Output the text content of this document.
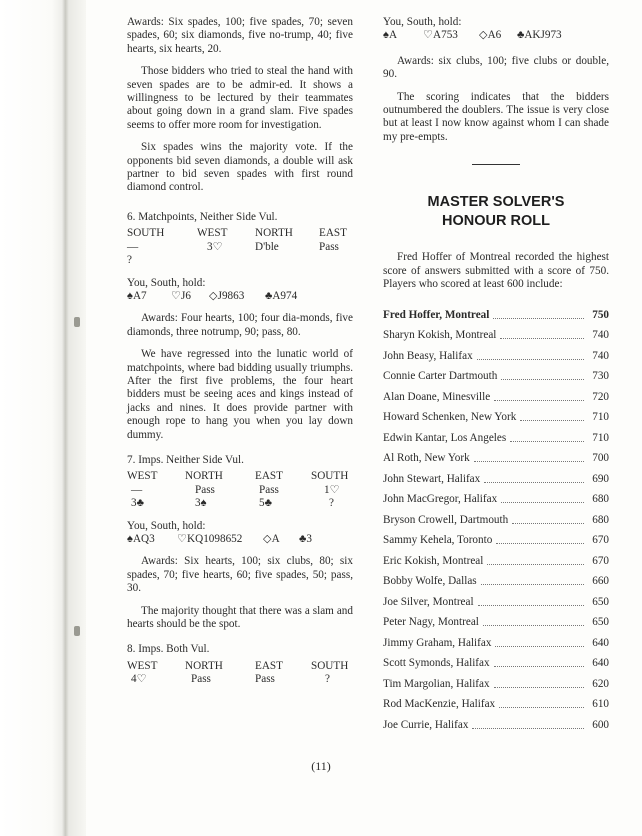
Awards: Six spades, 100; five spades, 70; seven spades, 60; six diamonds, five no-trump, 40; five hearts, six hearts, 20.

Those bidders who tried to steal the hand with seven spades are to be admir-ed. It shows a willingness to be lectured by their teammates about going down in a grand slam. Five spades seems to offer more room for investigation.

Six spades wins the majority vote. If the opponents bid seven diamonds, a double will ask partner to bid seven spades with first round diamond control.

6. Matchpoints, Neither Side Vul.
SOUTH	WEST	NORTH	EAST
—	3♡	D'ble	Pass
?
You, South, hold:
♠A7	♡J6	◇J9863	♣A974

Awards: Four hearts, 100; four dia-monds, five diamonds, three notrump, 90; pass, 80.

We have regressed into the lunatic world of matchpoints, where bad bidding usually triumphs. After the first five problems, the four heart bidders must be seeing aces and kings instead of jacks and nines. It does provide partner with enough rope to hang you when you lay down dummy.

7. Imps. Neither Side Vul.
WEST	NORTH	EAST	SOUTH
—	Pass	Pass	1♡
3♣	3♠	5♣	?
You, South, hold:
♠AQ3	♡KQ1098652	◇A	♣3

Awards: Six hearts, 100; six clubs, 80; six spades, 70; five hearts, 60; five spades, 50; pass, 30.

The majority thought that there was a slam and hearts should be the spot.

8. Imps. Both Vul.
WEST	NORTH	EAST	SOUTH
4♡	Pass	Pass	?
You, South, hold:
♠A	♡A753	◇A6	♣AKJ973

Awards: six clubs, 100; five clubs or double, 90.

The scoring indicates that the bidders outnumbered the doublers. The issue is very close but at least I now know against whom I can shade my pre-empts.

MASTER SOLVER'S
HONOUR ROLL

Fred Hoffer of Montreal recorded the highest score of answers submitted with a score of 750. Players who scored at least 600 include:

Fred Hoffer, Montreal	750
Sharyn Kokish, Montreal	740
John Beasy, Halifax	740
Connie Carter Dartmouth	730
Alan Doane, Minesville	720
Howard Schenken, New York	710
Edwin Kantar, Los Angeles	710
Al Roth, New York	700
John Stewart, Halifax	690
John MacGregor, Halifax	680
Bryson Crowell, Dartmouth	680
Sammy Kehela, Toronto	670
Eric Kokish, Montreal	670
Bobby Wolfe, Dallas	660
Joe Silver, Montreal	650
Peter Nagy, Montreal	650
Jimmy Graham, Halifax	640
Scott Symonds, Halifax	640
Tim Margolian, Halifax	620
Rod MacKenzie, Halifax	610
Joe Currie, Halifax	600
(11)
